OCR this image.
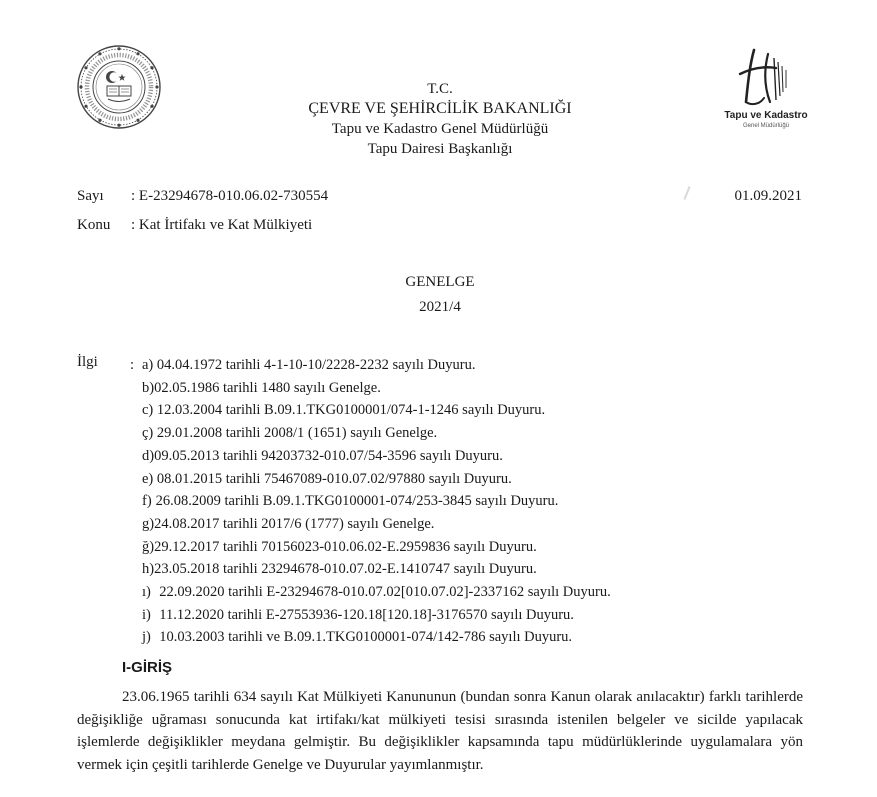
Tapu ve Kadastro
Genel Müdürlüğü
T.C.
ÇEVRE VE ŞEHİRCİLİK BAKANLIĞI
Tapu ve Kadastro Genel Müdürlüğü
Tapu Dairesi Başkanlığı
Sayı : E-23294678-010.06.02-730554
Konu : Kat İrtifakı ve Kat Mülkiyeti
01.09.2021
GENELGE
2021/4
İlgi : a) 04.04.1972 tarihli 4-1-10-10/2228-2232 sayılı Duyuru.
b)02.05.1986 tarihli 1480 sayılı Genelge.
c) 12.03.2004 tarihli B.09.1.TKG0100001/074-1-1246 sayılı Duyuru.
ç) 29.01.2008 tarihli 2008/1 (1651) sayılı Genelge.
d)09.05.2013 tarihli 94203732-010.07/54-3596 sayılı Duyuru.
e) 08.01.2015 tarihli 75467089-010.07.02/97880 sayılı Duyuru.
f) 26.08.2009 tarihli B.09.1.TKG0100001-074/253-3845 sayılı Duyuru.
g)24.08.2017 tarihli 2017/6 (1777) sayılı Genelge.
ğ)29.12.2017 tarihli 70156023-010.06.02-E.2959836 sayılı Duyuru.
h)23.05.2018 tarihli 23294678-010.07.02-E.1410747 sayılı Duyuru.
ı)  22.09.2020 tarihli E-23294678-010.07.02[010.07.02]-2337162 sayılı Duyuru.
i)  11.12.2020 tarihli E-27553936-120.18[120.18]-3176570 sayılı Duyuru.
j)  10.03.2003 tarihli ve B.09.1.TKG0100001-074/142-786 sayılı Duyuru.
I-GİRİŞ

23.06.1965 tarihli 634 sayılı Kat Mülkiyeti Kanununun (bundan sonra Kanun olarak anılacaktır) farklı tarihlerde değişikliğe uğraması sonucunda kat irtifakı/kat mülkiyeti tesisi sırasında istenilen belgeler ve sicilde yapılacak işlemlerde değişiklikler meydana gelmiştir. Bu değişiklikler kapsamında tapu müdürlüklerinde uygulamalara yön vermek için çeşitli tarihlerde Genelge ve Duyurular yayımlanmıştır.
